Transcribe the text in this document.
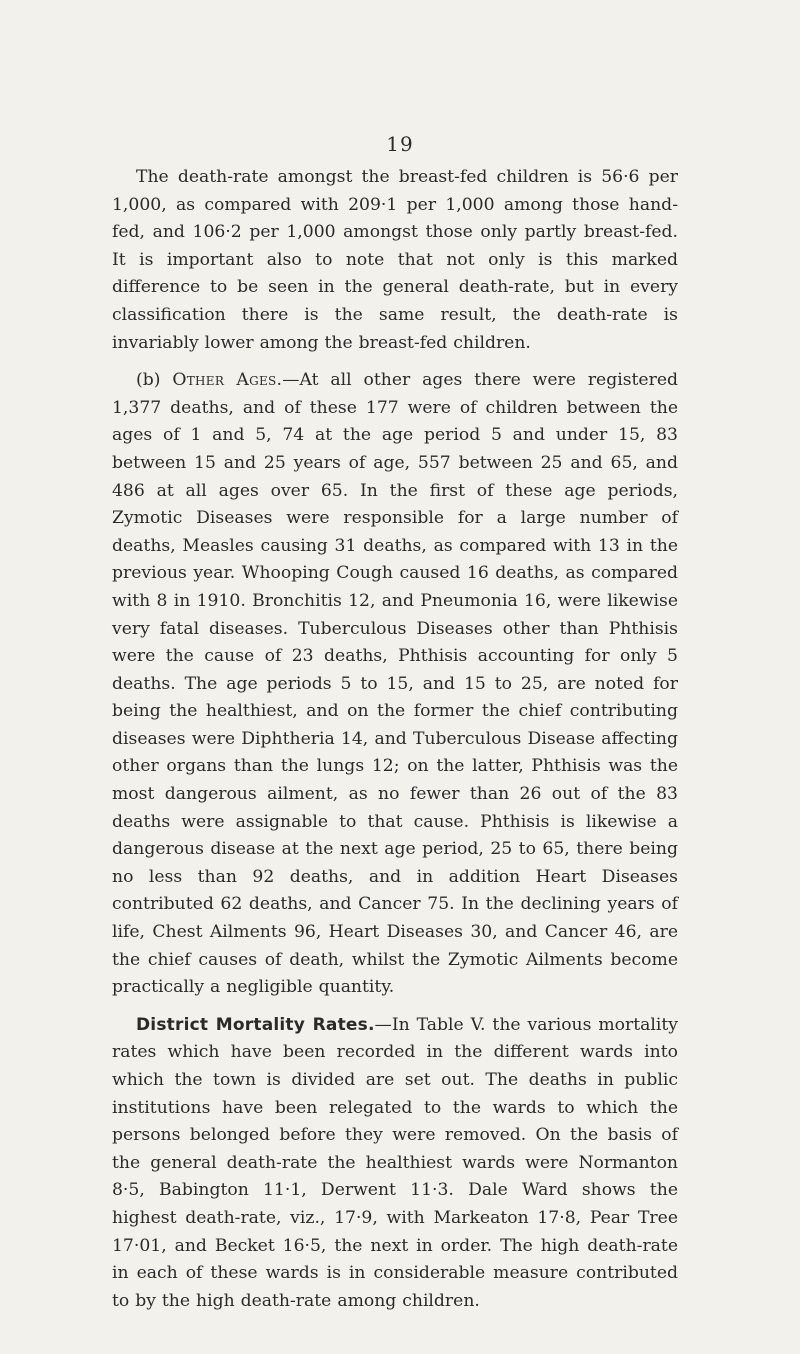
19

The death-rate amongst the breast-fed children is 56·6 per 1,000, as compared with 209·1 per 1,000 among those hand-fed, and 106·2 per 1,000 amongst those only partly breast-fed. It is important also to note that not only is this marked difference to be seen in the general death-rate, but in every classification there is the same result, the death-rate is invariably lower among the breast-fed children.

(b) Other Ages.—At all other ages there were registered 1,377 deaths, and of these 177 were of children between the ages of 1 and 5, 74 at the age period 5 and under 15, 83 between 15 and 25 years of age, 557 between 25 and 65, and 486 at all ages over 65. In the first of these age periods, Zymotic Diseases were responsible for a large number of deaths, Measles causing 31 deaths, as compared with 13 in the previous year. Whooping Cough caused 16 deaths, as compared with 8 in 1910. Bronchitis 12, and Pneumonia 16, were likewise very fatal diseases. Tuberculous Diseases other than Phthisis were the cause of 23 deaths, Phthisis accounting for only 5 deaths. The age periods 5 to 15, and 15 to 25, are noted for being the healthiest, and on the former the chief contributing diseases were Diphtheria 14, and Tuberculous Disease affecting other organs than the lungs 12; on the latter, Phthisis was the most dangerous ailment, as no fewer than 26 out of the 83 deaths were assignable to that cause. Phthisis is likewise a dangerous disease at the next age period, 25 to 65, there being no less than 92 deaths, and in addition Heart Diseases contributed 62 deaths, and Cancer 75. In the declining years of life, Chest Ailments 96, Heart Diseases 30, and Cancer 46, are the chief causes of death, whilst the Zymotic Ailments become practically a negligible quantity.

District Mortality Rates.—In Table V. the various mortality rates which have been recorded in the different wards into which the town is divided are set out. The deaths in public institutions have been relegated to the wards to which the persons belonged before they were removed. On the basis of the general death-rate the healthiest wards were Normanton 8·5, Babington 11·1, Derwent 11·3. Dale Ward shows the highest death-rate, viz., 17·9, with Markeaton 17·8, Pear Tree 17·01, and Becket 16·5, the next in order. The high death-rate in each of these wards is in considerable measure contributed to by the high death-rate among children.
